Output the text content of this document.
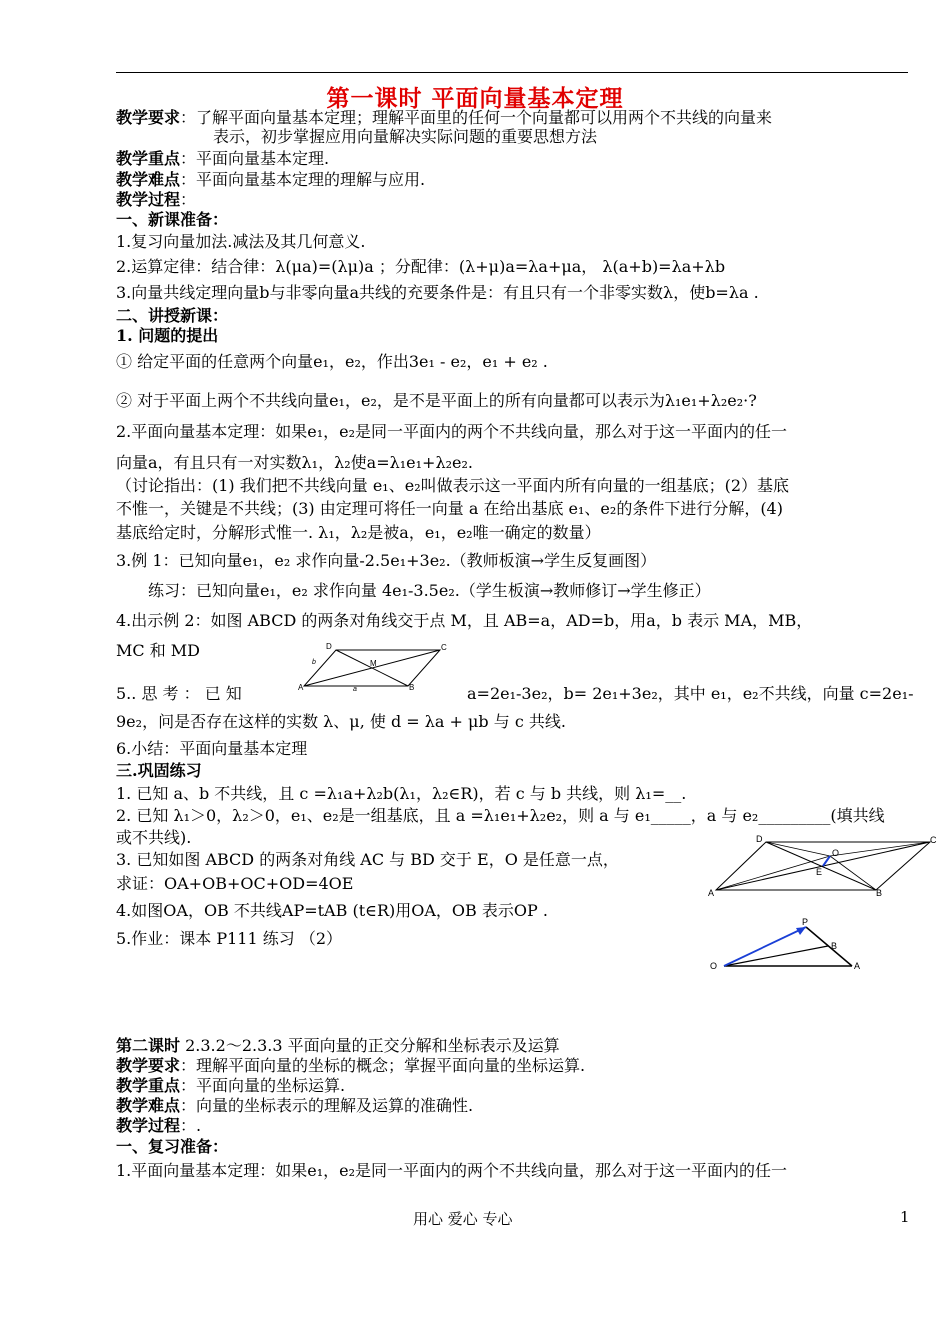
第一课时 平面向量基本定理
教学要求：了解平面向量基本定理；理解平面里的任何一个向量都可以用两个不共线的向量来
表示，初步掌握应用向量解决实际问题的重要思想方法
教学重点：平面向量基本定理.
教学难点：平面向量基本定理的理解与应用.
教学过程：
一、新课准备：
1.复习向量加法.减法及其几何意义.
2.运算定律：结合律：λ(μa)=(λμ)a ；分配律：(λ+μ)a=λa+μa， λ(a+b)=λa+λb
3.向量共线定理向量b与非零向量a共线的充要条件是：有且只有一个非零实数λ，使b=λa .
二、讲授新课：
1. 问题的提出
① 给定平面的任意两个向量e₁，e₂，作出3e₁ - e₂，e₁ + e₂ .
② 对于平面上两个不共线向量e₁，e₂，是不是平面上的所有向量都可以表示为λ₁e₁+λ₂e₂·?
2.平面向量基本定理：如果e₁，e₂是同一平面内的两个不共线向量，那么对于这一平面内的任一
向量a，有且只有一对实数λ₁，λ₂使a=λ₁e₁+λ₂e₂.
（讨论指出：(1) 我们把不共线向量 e₁、e₂叫做表示这一平面内所有向量的一组基底；(2）基底
不惟一，关键是不共线；(3) 由定理可将任一向量 a 在给出基底 e₁、e₂的条件下进行分解，(4)
基底给定时，分解形式惟一. λ₁，λ₂是被a，e₁，e₂唯一确定的数量）
3.例 1：已知向量e₁，e₂ 求作向量-2.5e₁+3e₂.（教师板演→学生反复画图）
练习：已知向量e₁，e₂ 求作向量 4e₁-3.5e₂.（学生板演→教师修订→学生修正）
4.出示例 2：如图 ABCD 的两条对角线交于点 M，且 AB=a，AD=b，用a，b 表示 MA，MB，
MC 和 MD
5.. 思 考 ： 已 知	a=2e₁-3e₂，b= 2e₁+3e₂，其中 e₁，e₂不共线，向量 c=2e₁-
9e₂，问是否存在这样的实数 λ、μ, 使 d = λa + μb 与 c 共线.
6.小结：平面向量基本定理
三.巩固练习
1. 已知 a、b 不共线，且 c =λ₁a+λ₂b(λ₁，λ₂∈R)，若 c 与 b 共线，则 λ₁=__.
2. 已知 λ₁＞0，λ₂＞0，e₁、e₂是一组基底，且 a =λ₁e₁+λ₂e₂，则 a 与 e₁_____，a 与 e₂_________(填共线
或不共线).
3. 已知如图 ABCD 的两条对角线 AC 与 BD 交于 E，O 是任意一点，
求证：OA+OB+OC+OD=4OE
4.如图OA，OB 不共线AP=tAB (t∈R)用OA，OB 表示OP .
5.作业：课本 P111 练习 （2）
第二课时 2.3.2～2.3.3 平面向量的正交分解和坐标表示及运算
教学要求：理解平面向量的坐标的概念；掌握平面向量的坐标运算.
教学重点：平面向量的坐标运算.
教学难点：向量的坐标表示的理解及运算的准确性.
教学过程：.
一、复习准备：
1.平面向量基本定理：如果e₁，e₂是同一平面内的两个不共线向量，那么对于这一平面内的任一
用心 爱心 专心	1
D	C
M
A	B
b
a
D	C
O
E
A	B
P
B
O	A
